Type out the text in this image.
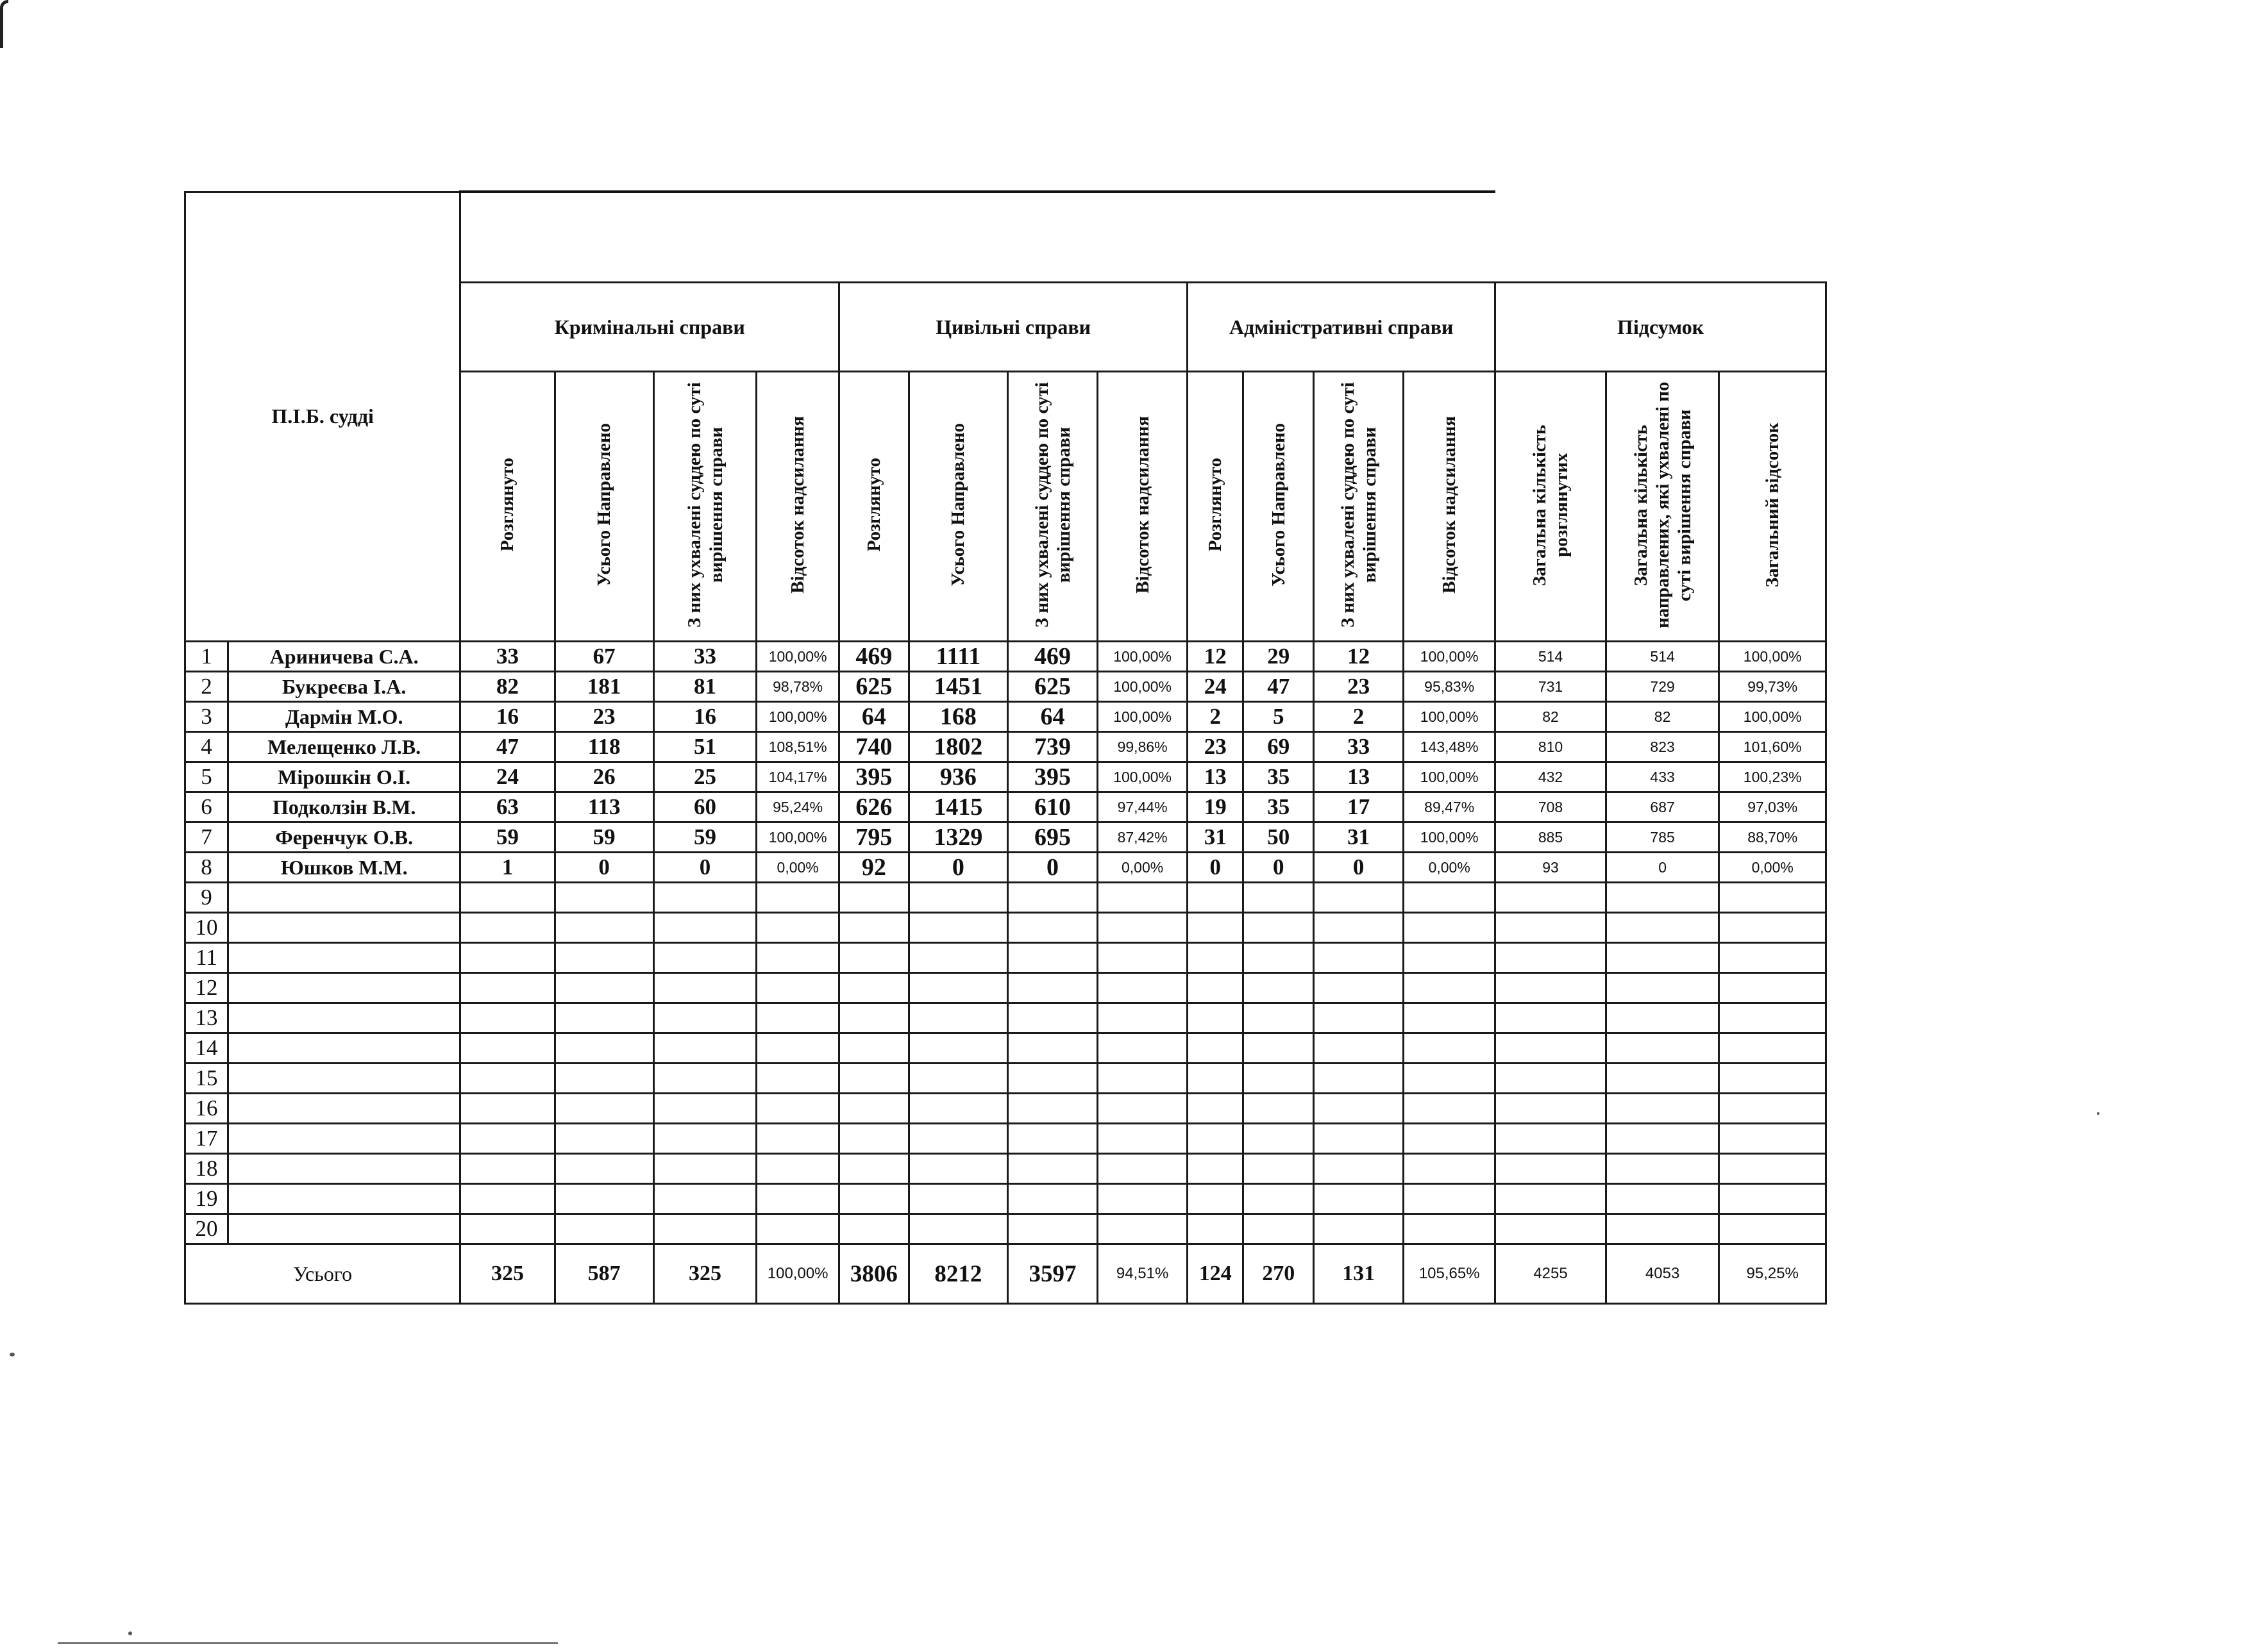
П.І.Б. судді																
		Кримінальні справи				Цивільні справи				Адміністративні справи				Підсумок		
		Розглянуто	Усього Направлено	З них ухвалені суддею по суті вирішення справи	Відсоток надсилання	Розглянуто	Усього Направлено	З них ухвалені суддею по суті вирішення справи	Відсоток надсилання	Розглянуто	Усього Направлено	З них ухвалені суддею по суті вирішення справи	Відсоток надсилання	Загальна кількість розглянутих	Загальна кількість направлених, які ухвалені по суті вирішення справи	Загальний відсоток
1	Ариничева С.А.	33	67	33	100,00%	469	1111	469	100,00%	12	29	12	100,00%	514	514	100,00%
2	Букреєва І.А.	82	181	81	98,78%	625	1451	625	100,00%	24	47	23	95,83%	731	729	99,73%
3	Дармін М.О.	16	23	16	100,00%	64	168	64	100,00%	2	5	2	100,00%	82	82	100,00%
4	Мелещенко Л.В.	47	118	51	108,51%	740	1802	739	99,86%	23	69	33	143,48%	810	823	101,60%
5	Мірошкін О.І.	24	26	25	104,17%	395	936	395	100,00%	13	35	13	100,00%	432	433	100,23%
6	Подколзін В.М.	63	113	60	95,24%	626	1415	610	97,44%	19	35	17	89,47%	708	687	97,03%
7	Ференчук О.В.	59	59	59	100,00%	795	1329	695	87,42%	31	50	31	100,00%	885	785	88,70%
8	Юшков М.М.	1	0	0	0,00%	92	0	0	0,00%	0	0	0	0,00%	93	0	0,00%
9																
10																
11																
12																
13																
14																
15																
16																
17																
18																
19																
20																
Усього		325	587	325	100,00%	3806	8212	3597	94,51%	124	270	131	105,65%	4255	4053	95,25%
